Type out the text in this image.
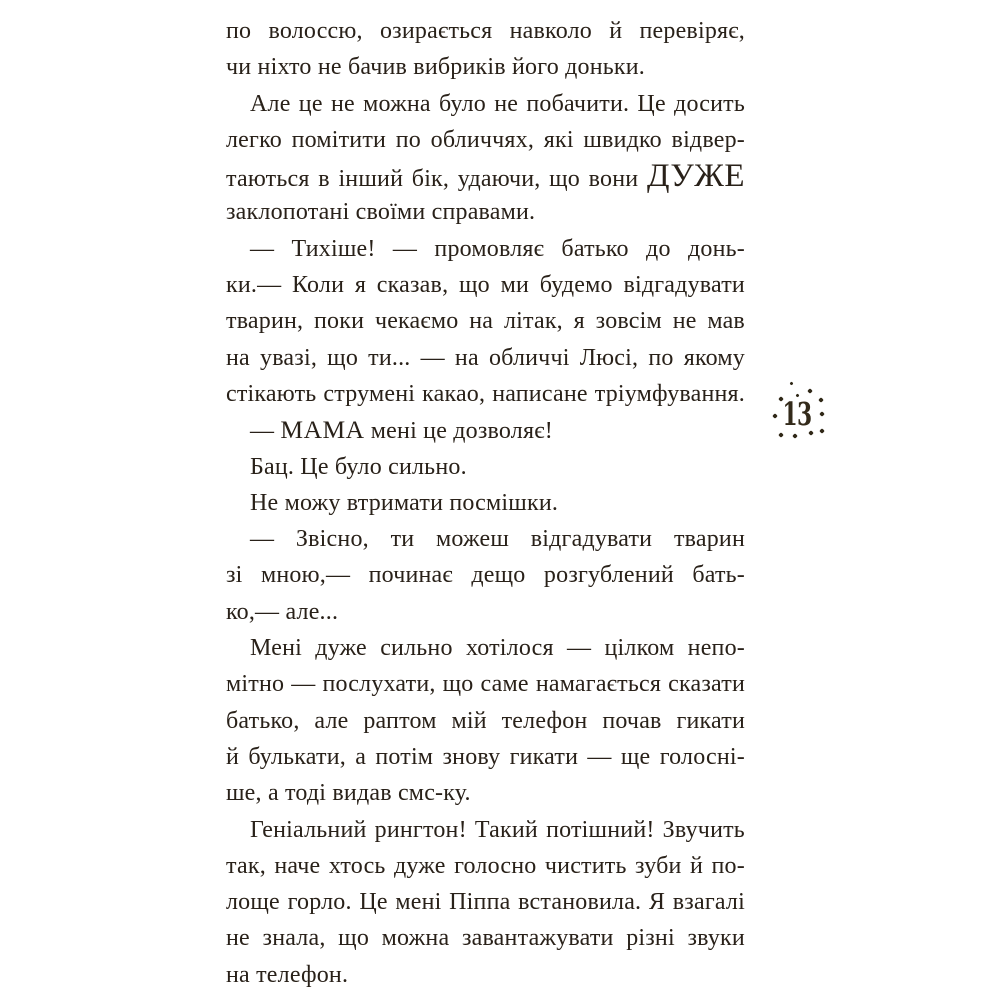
по волоссю, озирається навколо й перевіряє,
чи ніхто не бачив вибриків його доньки.
Але це не можна було не побачити. Це досить
легко помітити по обличчях, які швидко відвер-
таються в інший бік, удаючи, що вони ДУЖЕ
заклопотані своїми справами.
— Тихіше! — промовляє батько до донь-
ки.— Коли я сказав, що ми будемо відгадувати
тварин, поки чекаємо на літак, я зовсім не мав
на увазі, що ти... — на обличчі Люсі, по якому
стікають струмені какао, написане тріумфування.
— МАМА мені це дозволяє!
Бац. Це було сильно.
Не можу втримати посмішки.
— Звісно, ти можеш відгадувати тварин
зі мною,— починає дещо розгублений бать-
ко,— але...
Мені дуже сильно хотілося — цілком непо-
мітно — послухати, що саме намагається сказати
батько, але раптом мій телефон почав гикати
й булькати, а потім знову гикати — ще голосні-
ше, а тоді видав смс-ку.
Геніальний рингтон! Такий потішний! Звучить
так, наче хтось дуже голосно чистить зуби й по-
лоще горло. Це мені Піппа встановила. Я взагалі
не знала, що можна завантажувати різні звуки
на телефон.
13
